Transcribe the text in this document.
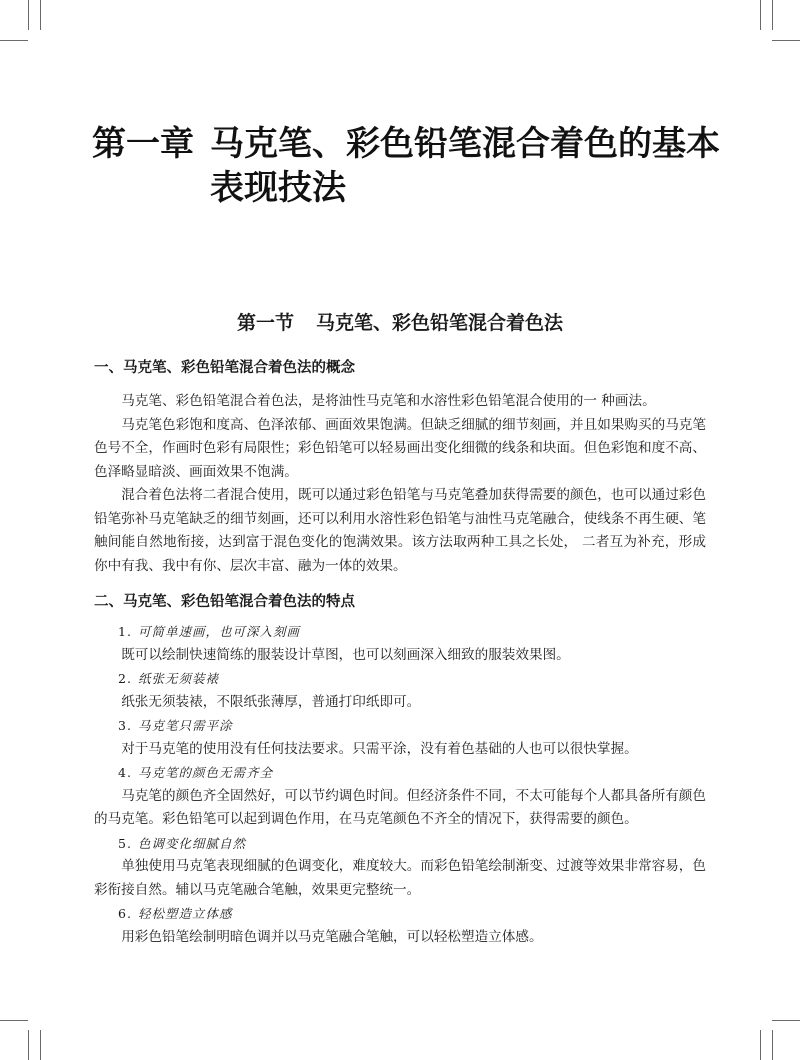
第一章 马克笔、彩色铅笔混合着色的基本
表现技法
第一节 马克笔、彩色铅笔混合着色法
一、马克笔、彩色铅笔混合着色法的概念

马克笔、彩色铅笔混合着色法，是将油性马克笔和水溶性彩色铅笔混合使用的一 种画法。

马克笔色彩饱和度高、色泽浓郁、画面效果饱满。但缺乏细腻的细节刻画，并且如果购买的马克笔色号不全，作画时色彩有局限性；彩色铅笔可以轻易画出变化细微的线条和块面。但色彩饱和度不高、色泽略显暗淡、画面效果不饱满。

混合着色法将二者混合使用，既可以通过彩色铅笔与马克笔叠加获得需要的颜色，也可以通过彩色铅笔弥补马克笔缺乏的细节刻画，还可以利用水溶性彩色铅笔与油性马克笔融合，使线条不再生硬、笔触间能自然地衔接，达到富于混色变化的饱满效果。该方法取两种工具之长处， 二者互为补充，形成你中有我、我中有你、层次丰富、融为一体的效果。

二、马克笔、彩色铅笔混合着色法的特点

1. 可简单速画，也可深入刻画

既可以绘制快速简练的服装设计草图，也可以刻画深入细致的服装效果图。

2. 纸张无须装裱

纸张无须装裱，不限纸张薄厚，普通打印纸即可。

3. 马克笔只需平涂

对于马克笔的使用没有任何技法要求。只需平涂，没有着色基础的人也可以很快掌握。

4. 马克笔的颜色无需齐全

马克笔的颜色齐全固然好，可以节约调色时间。但经济条件不同，不太可能每个人都具备所有颜色的马克笔。彩色铅笔可以起到调色作用，在马克笔颜色不齐全的情况下，获得需要的颜色。

5. 色调变化细腻自然

单独使用马克笔表现细腻的色调变化，难度较大。而彩色铅笔绘制渐变、过渡等效果非常容易，色彩衔接自然。辅以马克笔融合笔触，效果更完整统一。

6. 轻松塑造立体感

用彩色铅笔绘制明暗色调并以马克笔融合笔触，可以轻松塑造立体感。
